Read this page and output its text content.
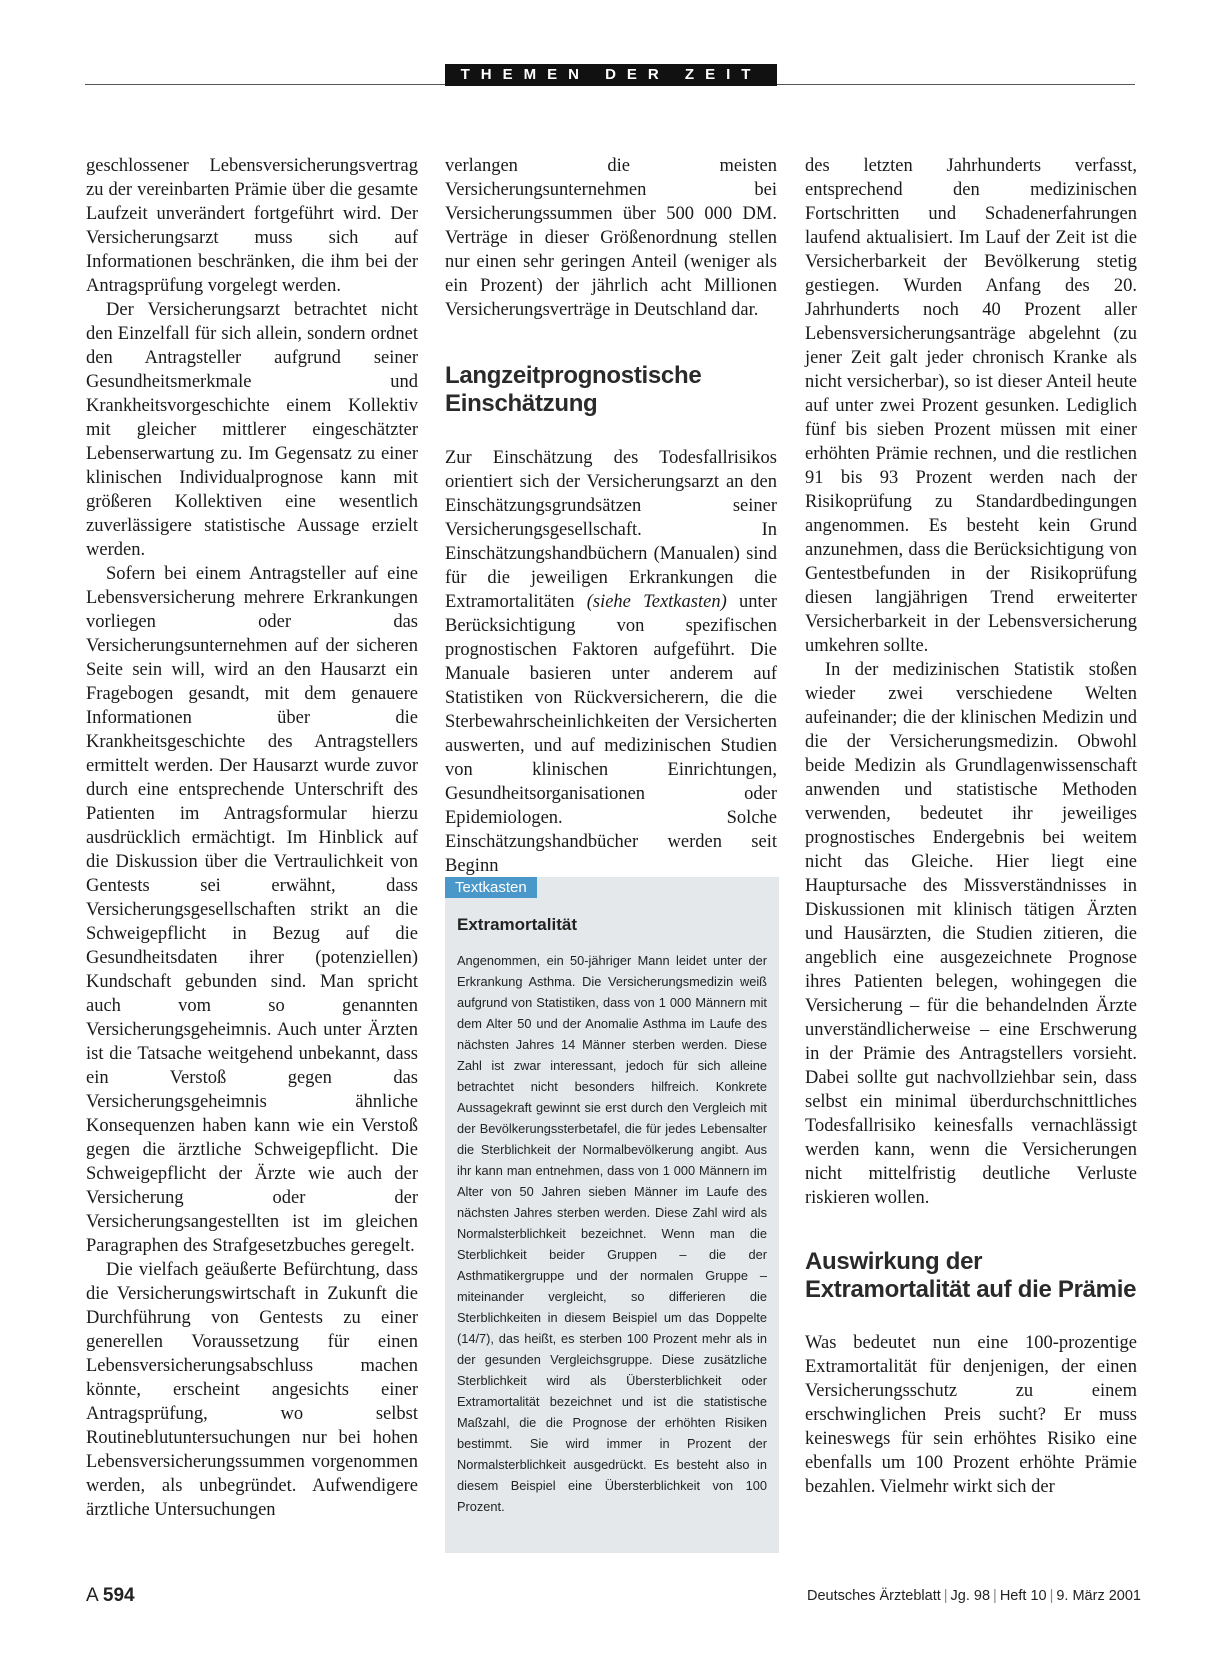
THEMEN DER ZEIT

geschlossener Lebensversicherungsvertrag zu der vereinbarten Prämie über die gesamte Laufzeit unverändert fortgeführt wird. Der Versicherungsarzt muss sich auf Informationen beschränken, die ihm bei der Antragsprüfung vorgelegt werden.

Der Versicherungsarzt betrachtet nicht den Einzelfall für sich allein, sondern ordnet den Antragsteller aufgrund seiner Gesundheitsmerkmale und Krankheitsvorgeschichte einem Kollektiv mit gleicher mittlerer eingeschätzter Lebenserwartung zu. Im Gegensatz zu einer klinischen Individualprognose kann mit größeren Kollektiven eine wesentlich zuverlässigere statistische Aussage erzielt werden.

Sofern bei einem Antragsteller auf eine Lebensversicherung mehrere Erkrankungen vorliegen oder das Versicherungsunternehmen auf der sicheren Seite sein will, wird an den Hausarzt ein Fragebogen gesandt, mit dem genauere Informationen über die Krankheitsgeschichte des Antragstellers ermittelt werden. Der Hausarzt wurde zuvor durch eine entsprechende Unterschrift des Patienten im Antragsformular hierzu ausdrücklich ermächtigt. Im Hinblick auf die Diskussion über die Vertraulichkeit von Gentests sei erwähnt, dass Versicherungsgesellschaften strikt an die Schweigepflicht in Bezug auf die Gesundheitsdaten ihrer (potenziellen) Kundschaft gebunden sind. Man spricht auch vom so genannten Versicherungsgeheimnis. Auch unter Ärzten ist die Tatsache weitgehend unbekannt, dass ein Verstoß gegen das Versicherungsgeheimnis ähnliche Konsequenzen haben kann wie ein Verstoß gegen die ärztliche Schweigepflicht. Die Schweigepflicht der Ärzte wie auch der Versicherung oder der Versicherungsangestellten ist im gleichen Paragraphen des Strafgesetzbuches geregelt.

Die vielfach geäußerte Befürchtung, dass die Versicherungswirtschaft in Zukunft die Durchführung von Gentests zu einer generellen Voraussetzung für einen Lebensversicherungsabschluss machen könnte, erscheint angesichts einer Antragsprüfung, wo selbst Routineblutuntersuchungen nur bei hohen Lebensversicherungssummen vorgenommen werden, als unbegründet. Aufwendigere ärztliche Untersuchungen

verlangen die meisten Versicherungsunternehmen bei Versicherungssummen über 500 000 DM. Verträge in dieser Größenordnung stellen nur einen sehr geringen Anteil (weniger als ein Prozent) der jährlich acht Millionen Versicherungsverträge in Deutschland dar.

Langzeitprognostische Einschätzung

Zur Einschätzung des Todesfallrisikos orientiert sich der Versicherungsarzt an den Einschätzungsgrundsätzen seiner Versicherungsgesellschaft. In Einschätzungshandbüchern (Manualen) sind für die jeweiligen Erkrankungen die Extramortalitäten (siehe Textkasten) unter Berücksichtigung von spezifischen prognostischen Faktoren aufgeführt. Die Manuale basieren unter anderem auf Statistiken von Rückversicherern, die die Sterbewahrscheinlichkeiten der Versicherten auswerten, und auf medizinischen Studien von klinischen Einrichtungen, Gesundheitsorganisationen oder Epidemiologen. Solche Einschätzungshandbücher werden seit Beginn

Textkasten
Extramortalität

Angenommen, ein 50-jähriger Mann leidet unter der Erkrankung Asthma. Die Versicherungsmedizin weiß aufgrund von Statistiken, dass von 1 000 Männern mit dem Alter 50 und der Anomalie Asthma im Laufe des nächsten Jahres 14 Männer sterben werden. Diese Zahl ist zwar interessant, jedoch für sich alleine betrachtet nicht besonders hilfreich. Konkrete Aussagekraft gewinnt sie erst durch den Vergleich mit der Bevölkerungssterbetafel, die für jedes Lebensalter die Sterblichkeit der Normalbevölkerung angibt. Aus ihr kann man entnehmen, dass von 1 000 Männern im Alter von 50 Jahren sieben Männer im Laufe des nächsten Jahres sterben werden. Diese Zahl wird als Normalsterblichkeit bezeichnet. Wenn man die Sterblichkeit beider Gruppen – die der Asthmatikergruppe und der normalen Gruppe – miteinander vergleicht, so differieren die Sterblichkeiten in diesem Beispiel um das Doppelte (14/7), das heißt, es sterben 100 Prozent mehr als in der gesunden Vergleichsgruppe. Diese zusätzliche Sterblichkeit wird als Übersterblichkeit oder Extramortalität bezeichnet und ist die statistische Maßzahl, die die Prognose der erhöhten Risiken bestimmt. Sie wird immer in Prozent der Normalsterblichkeit ausgedrückt. Es besteht also in diesem Beispiel eine Übersterblichkeit von 100 Prozent.

des letzten Jahrhunderts verfasst, entsprechend den medizinischen Fortschritten und Schadenerfahrungen laufend aktualisiert. Im Lauf der Zeit ist die Versicherbarkeit der Bevölkerung stetig gestiegen. Wurden Anfang des 20. Jahrhunderts noch 40 Prozent aller Lebensversicherungsanträge abgelehnt (zu jener Zeit galt jeder chronisch Kranke als nicht versicherbar), so ist dieser Anteil heute auf unter zwei Prozent gesunken. Lediglich fünf bis sieben Prozent müssen mit einer erhöhten Prämie rechnen, und die restlichen 91 bis 93 Prozent werden nach der Risikoprüfung zu Standardbedingungen angenommen. Es besteht kein Grund anzunehmen, dass die Berücksichtigung von Gentestbefunden in der Risikoprüfung diesen langjährigen Trend erweiterter Versicherbarkeit in der Lebensversicherung umkehren sollte.

In der medizinischen Statistik stoßen wieder zwei verschiedene Welten aufeinander; die der klinischen Medizin und die der Versicherungsmedizin. Obwohl beide Medizin als Grundlagenwissenschaft anwenden und statistische Methoden verwenden, bedeutet ihr jeweiliges prognostisches Endergebnis bei weitem nicht das Gleiche. Hier liegt eine Hauptursache des Missverständnisses in Diskussionen mit klinisch tätigen Ärzten und Hausärzten, die Studien zitieren, die angeblich eine ausgezeichnete Prognose ihres Patienten belegen, wohingegen die Versicherung – für die behandelnden Ärzte unverständlicherweise – eine Erschwerung in der Prämie des Antragstellers vorsieht. Dabei sollte gut nachvollziehbar sein, dass selbst ein minimal überdurchschnittliches Todesfallrisiko keinesfalls vernachlässigt werden kann, wenn die Versicherungen nicht mittelfristig deutliche Verluste riskieren wollen.

Auswirkung der Extramortalität auf die Prämie

Was bedeutet nun eine 100-prozentige Extramortalität für denjenigen, der einen Versicherungsschutz zu einem erschwinglichen Preis sucht? Er muss keineswegs für sein erhöhtes Risiko eine ebenfalls um 100 Prozent erhöhte Prämie bezahlen. Vielmehr wirkt sich der

A 594	Deutsches Ärzteblatt | Jg. 98 | Heft 10 | 9. März 2001
